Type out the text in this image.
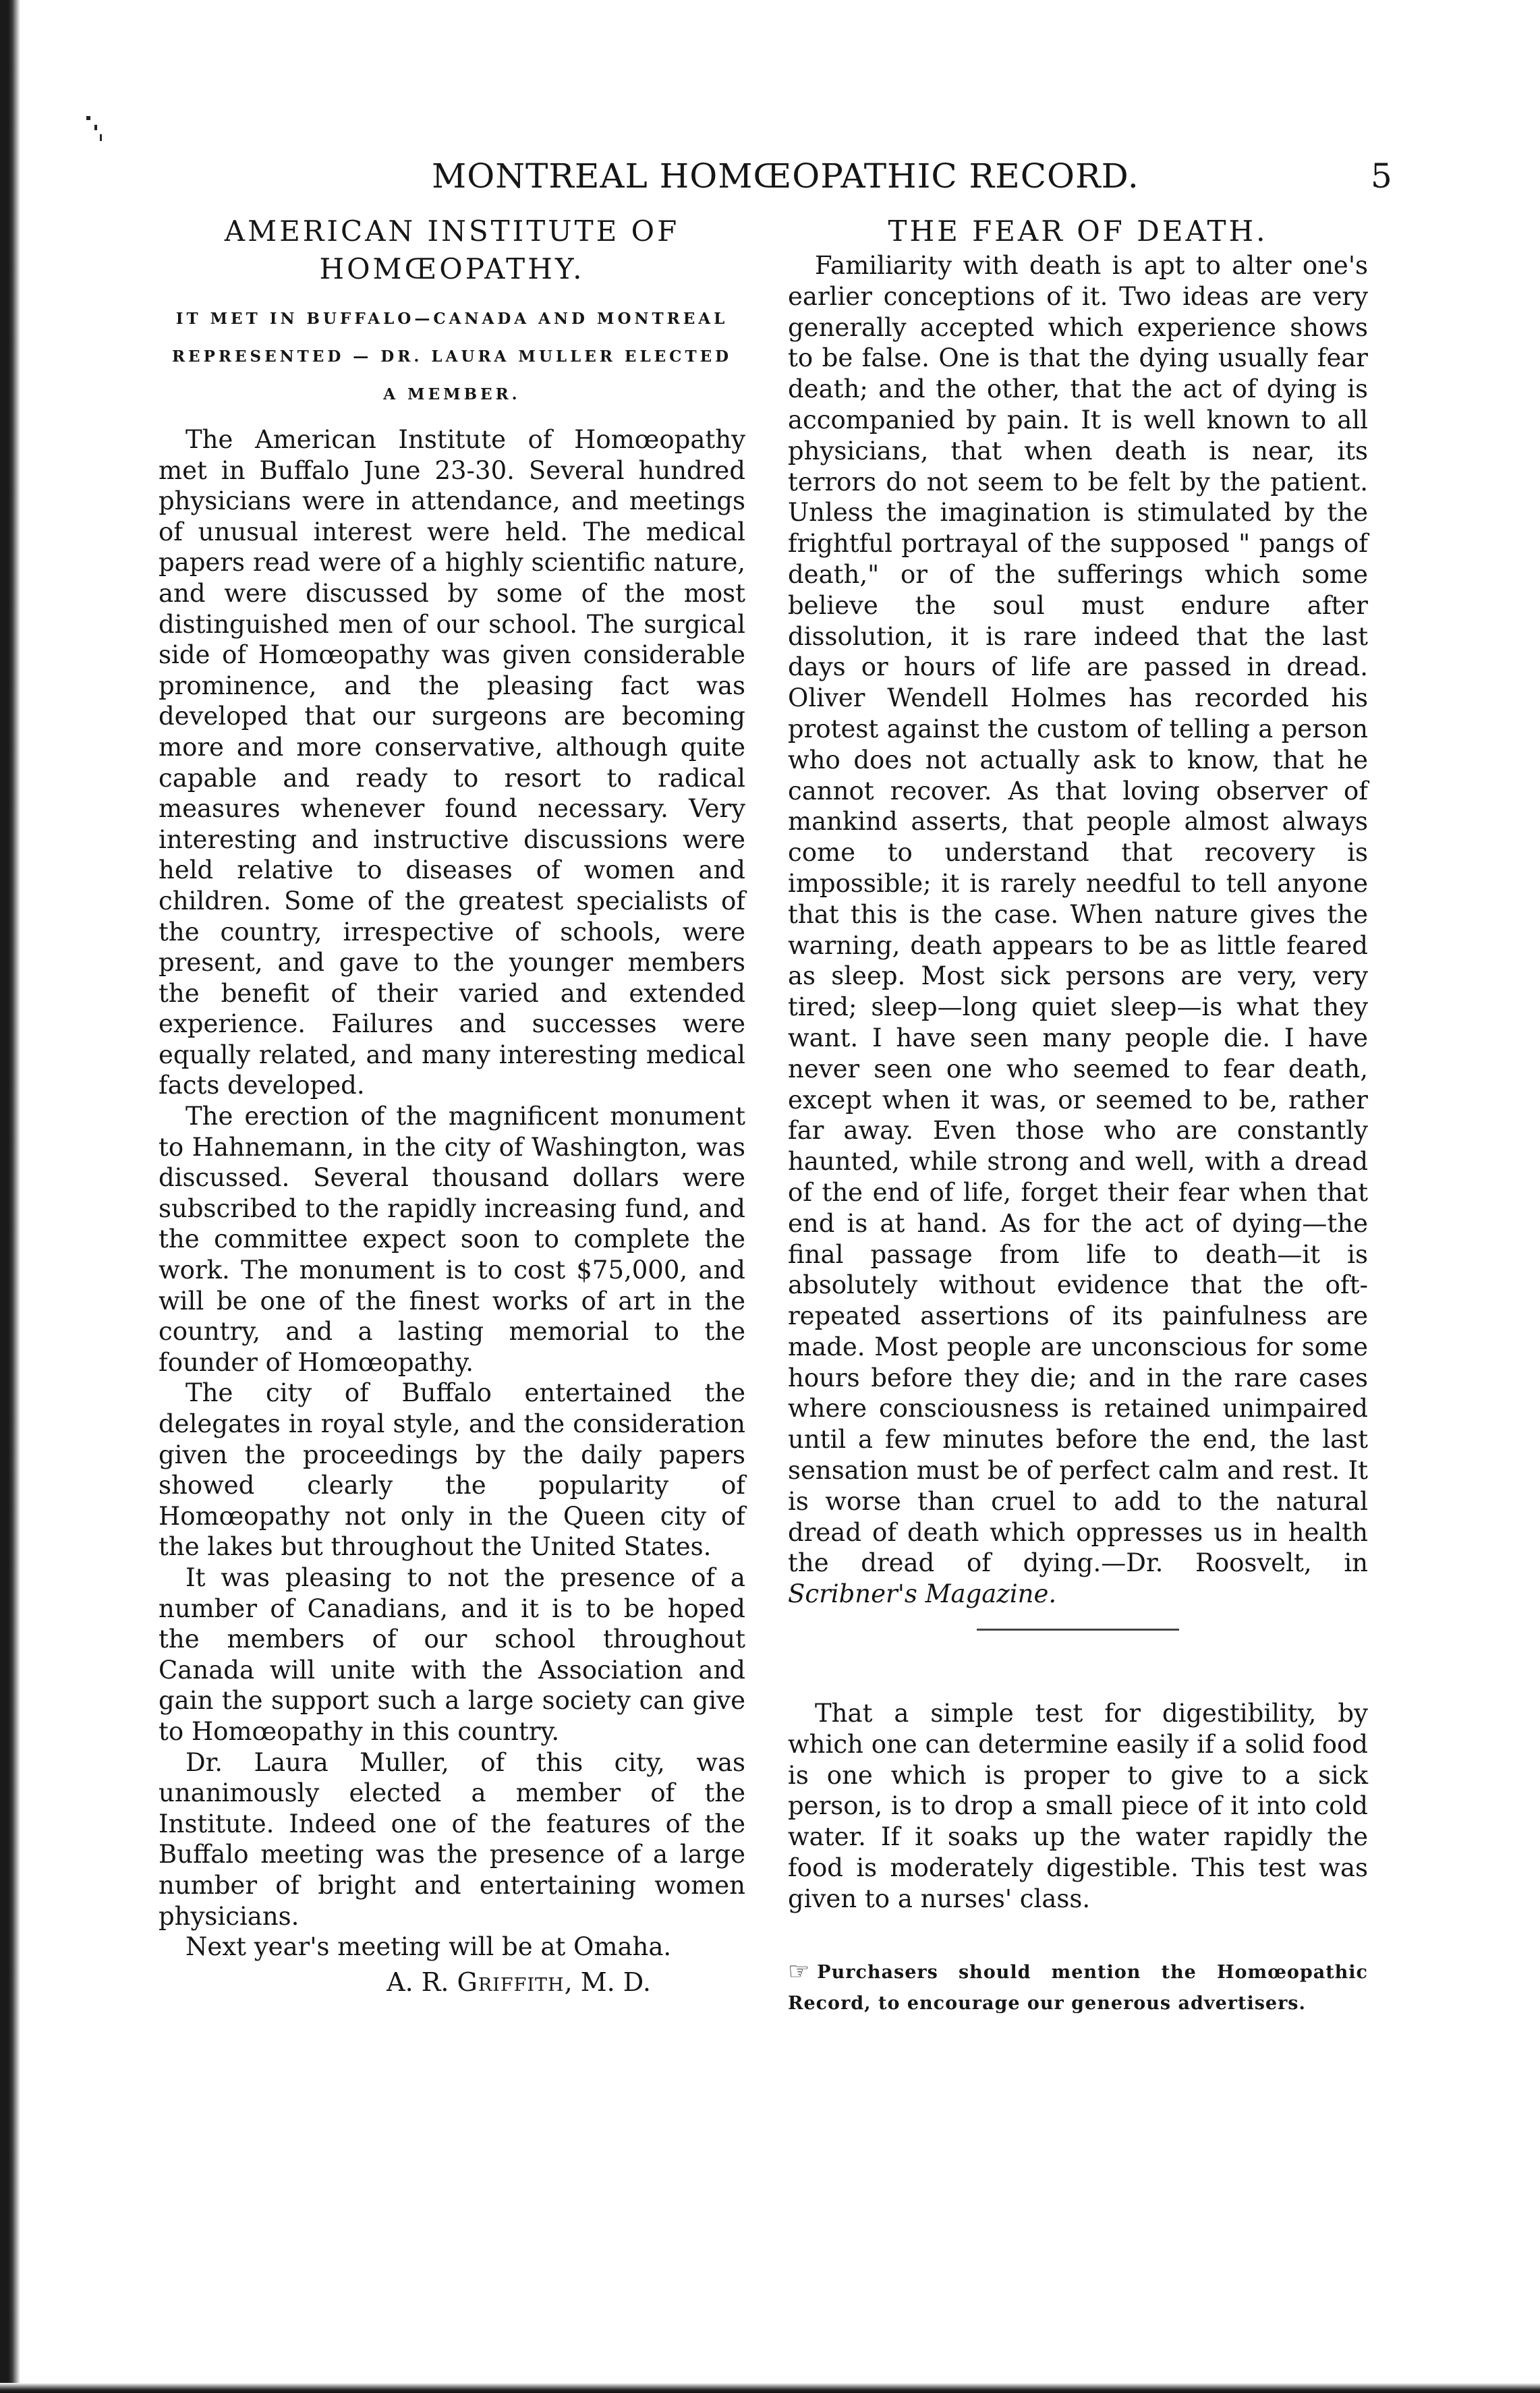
MONTREAL HOMŒOPATHIC RECORD.	5
AMERICAN INSTITUTE OF HOMŒOPATHY.
IT MET IN BUFFALO—CANADA AND MONTREAL REPRESENTED — DR. LAURA MULLER ELECTED A MEMBER.

The American Institute of Homœopathy met in Buffalo June 23-30. Several hundred physicians were in attendance, and meetings of unusual interest were held. The medical papers read were of a highly scientific nature, and were discussed by some of the most distinguished men of our school. The surgical side of Homœopathy was given considerable prominence, and the pleasing fact was developed that our surgeons are becoming more and more conservative, although quite capable and ready to resort to radical measures whenever found necessary. Very interesting and instructive discussions were held relative to diseases of women and children. Some of the greatest specialists of the country, irrespective of schools, were present, and gave to the younger members the benefit of their varied and extended experience. Failures and successes were equally related, and many interesting medical facts developed.

The erection of the magnificent monument to Hahnemann, in the city of Washington, was discussed. Several thousand dollars were subscribed to the rapidly increasing fund, and the committee expect soon to complete the work. The monument is to cost $75,000, and will be one of the finest works of art in the country, and a lasting memorial to the founder of Homœopathy.

The city of Buffalo entertained the delegates in royal style, and the consideration given the proceedings by the daily papers showed clearly the popularity of Homœopathy not only in the Queen city of the lakes but throughout the United States.

It was pleasing to not the presence of a number of Canadians, and it is to be hoped the members of our school throughout Canada will unite with the Association and gain the support such a large society can give to Homœopathy in this country.

Dr. Laura Muller, of this city, was unanimously elected a member of the Institute. Indeed one of the features of the Buffalo meeting was the presence of a large number of bright and entertaining women physicians.

Next year's meeting will be at Omaha.

A. R. Griffith, M. D.
THE FEAR OF DEATH.

Familiarity with death is apt to alter one's earlier conceptions of it. Two ideas are very generally accepted which experience shows to be false. One is that the dying usually fear death; and the other, that the act of dying is accompanied by pain. It is well known to all physicians, that when death is near, its terrors do not seem to be felt by the patient. Unless the imagination is stimulated by the frightful portrayal of the supposed " pangs of death," or of the sufferings which some believe the soul must endure after dissolution, it is rare indeed that the last days or hours of life are passed in dread. Oliver Wendell Holmes has recorded his protest against the custom of telling a person who does not actually ask to know, that he cannot recover. As that loving observer of mankind asserts, that people almost always come to understand that recovery is impossible; it is rarely needful to tell anyone that this is the case. When nature gives the warning, death appears to be as little feared as sleep. Most sick persons are very, very tired; sleep—long quiet sleep—is what they want. I have seen many people die. I have never seen one who seemed to fear death, except when it was, or seemed to be, rather far away. Even those who are constantly haunted, while strong and well, with a dread of the end of life, forget their fear when that end is at hand. As for the act of dying—the final passage from life to death—it is absolutely without evidence that the oft-repeated assertions of its painfulness are made. Most people are unconscious for some hours before they die; and in the rare cases where consciousness is retained unimpaired until a few minutes before the end, the last sensation must be of perfect calm and rest. It is worse than cruel to add to the natural dread of death which oppresses us in health the dread of dying.—Dr. Roosvelt, in Scribner's Magazine.

That a simple test for digestibility, by which one can determine easily if a solid food is one which is proper to give to a sick person, is to drop a small piece of it into cold water. If it soaks up the water rapidly the food is moderately digestible. This test was given to a nurses' class.

☞ Purchasers should mention the Homœopathic Record, to encourage our generous advertisers.
